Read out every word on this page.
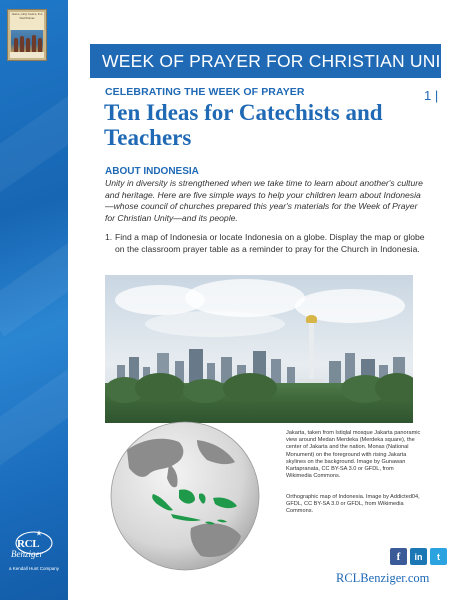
Justice, Only Justice, You Shall Pursue
RCL
Benziger
a Kendall Hunt Company
WEEK OF PRAYER FOR CHRISTIAN UNITY
CELEBRATING THE WEEK OF PRAYER	1 |
Ten Ideas for Catechists and Teachers
ABOUT INDONESIA
Unity in diversity is strengthened when we take time to learn about another's culture and heritage. Here are five simple ways to help your children learn about Indonesia—whose council of churches prepared this year's materials for the Week of Prayer for Christian Unity—and its people.
1. Find a map of Indonesia or locate Indonesia on a globe. Display the map or globe on the classroom prayer table as a reminder to pray for the Church in Indonesia.
Jakarta, taken from Istiqlal mosque Jakarta panoramic view around Medan Merdeka (Merdeka square), the center of Jakarta and the nation. Monas (National Monument) on the foreground with rising Jakarta skylines on the background. Image by Gunawan Kartapranata, CC BY-SA 3.0 or GFDL, from Wikimedia Commons.
Orthographic map of Indonesia. Image by Addicted04, GFDL, CC BY-SA 3.0 or GFDL, from Wikimedia Commons.
f	in	t
RCLBenziger.com
